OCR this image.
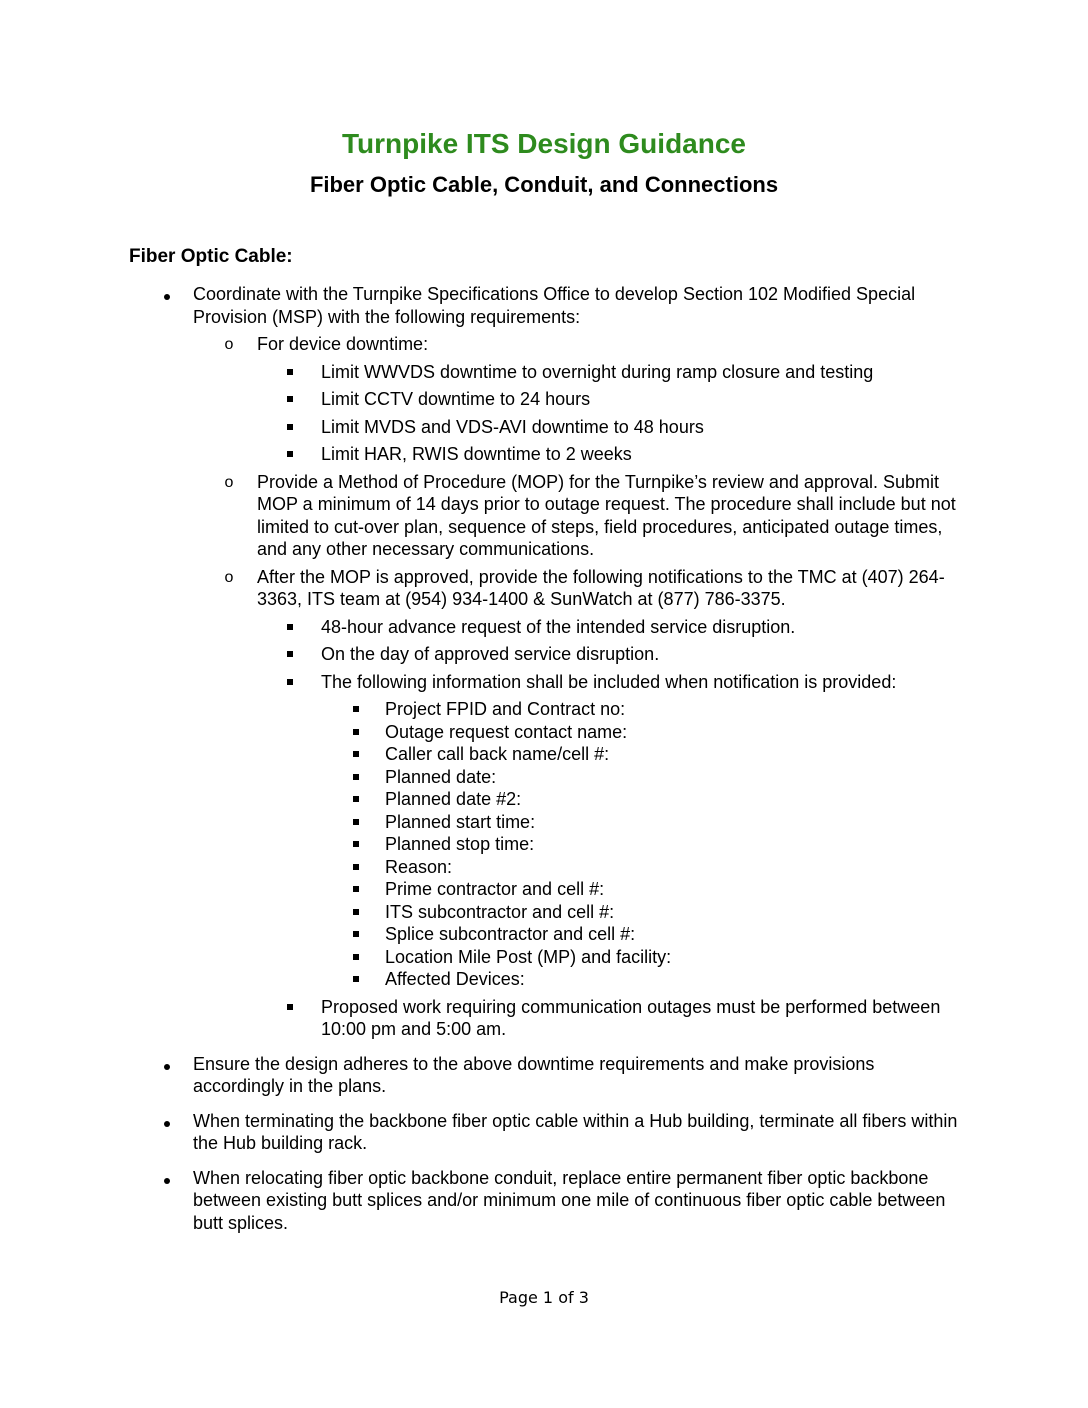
Turnpike ITS Design Guidance
Fiber Optic Cable, Conduit, and Connections
Fiber Optic Cable:
Coordinate with the Turnpike Specifications Office to develop Section 102 Modified Special Provision (MSP) with the following requirements:
o For device downtime:
Limit WWVDS downtime to overnight during ramp closure and testing
Limit CCTV downtime to 24 hours
Limit MVDS and VDS-AVI downtime to 48 hours
Limit HAR, RWIS downtime to 2 weeks
o Provide a Method of Procedure (MOP) for the Turnpike’s review and approval. Submit MOP a minimum of 14 days prior to outage request. The procedure shall include but not limited to cut-over plan, sequence of steps, field procedures, anticipated outage times, and any other necessary communications.
o After the MOP is approved, provide the following notifications to the TMC at (407) 264-3363, ITS team at (954) 934-1400 & SunWatch at (877) 786-3375.
48-hour advance request of the intended service disruption.
On the day of approved service disruption.
The following information shall be included when notification is provided:
Project FPID and Contract no:
Outage request contact name:
Caller call back name/cell #:
Planned date:
Planned date #2:
Planned start time:
Planned stop time:
Reason:
Prime contractor and cell #:
ITS subcontractor and cell #:
Splice subcontractor and cell #:
Location Mile Post (MP) and facility:
Affected Devices:
Proposed work requiring communication outages must be performed between 10:00 pm and 5:00 am.
Ensure the design adheres to the above downtime requirements and make provisions accordingly in the plans.
When terminating the backbone fiber optic cable within a Hub building, terminate all fibers within the Hub building rack.
When relocating fiber optic backbone conduit, replace entire permanent fiber optic backbone between existing butt splices and/or minimum one mile of continuous fiber optic cable between butt splices.
Page 1 of 3
